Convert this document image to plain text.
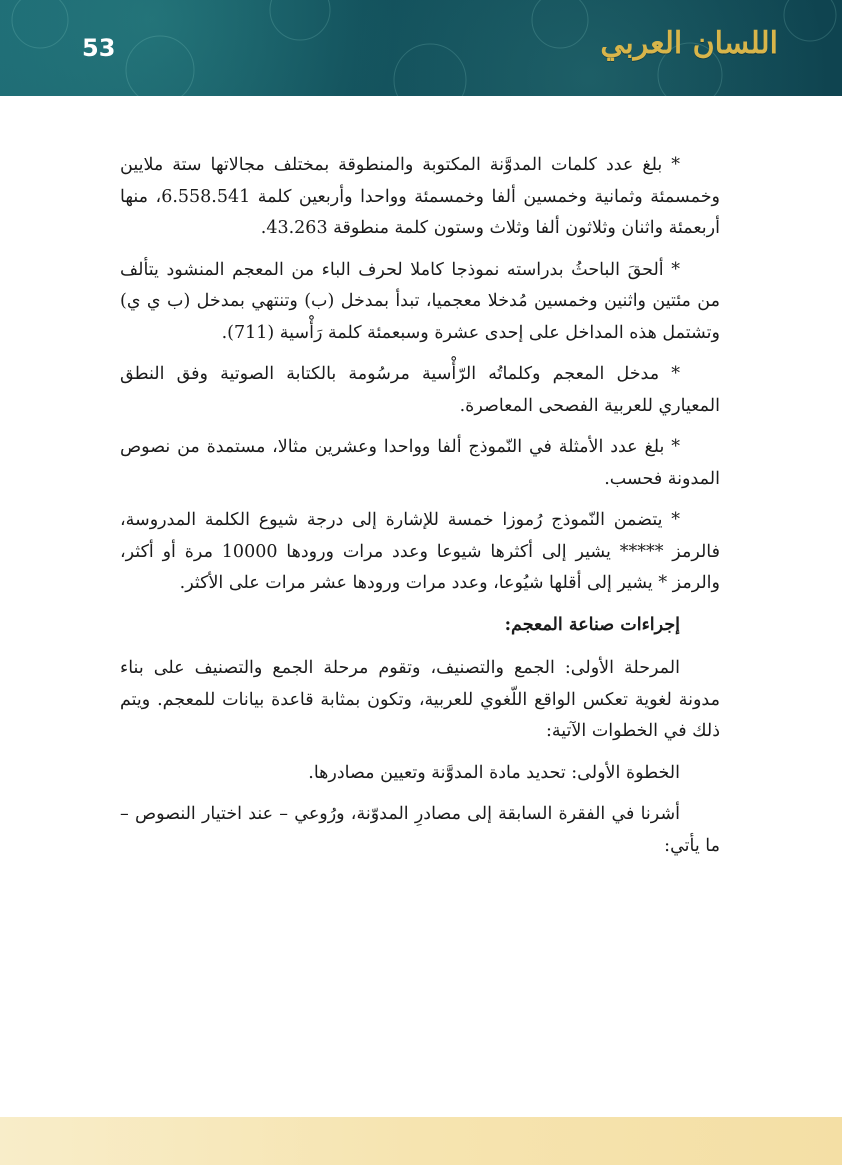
53	اللسان العربي

* بلغ عدد كلمات المدوَّنة المكتوبة والمنطوقة بمختلف مجالاتها ستة ملايين وخمسمئة وثمانية وخمسين ألفا وخمسمئة وواحدا وأربعين كلمة 6.558.541، منها أربعمئة واثنان وثلاثون ألفا وثلاث وستون كلمة منطوقة 43.263.

* ألحقَ الباحثُ بدراسته نموذجا كاملا لحرف الباء من المعجم المنشود يتألف من مئتين واثنين وخمسين مُدخلا معجميا، تبدأ بمدخل (ب) وتنتهي بمدخل (ب ي ي) وتشتمل هذه المداخل على إحدى عشرة وسبعمئة كلمة رَأْسية (711).

* مدخل المعجم وكلماتُه الرّأْسية مرسُومة بالكتابة الصوتية وفق النطق المعياري للعربية الفصحى المعاصرة.

* بلغ عدد الأمثلة في النّموذج ألفا وواحدا وعشرين مثالا، مستمدة من نصوص المدونة فحسب.

* يتضمن النّموذج رُموزا خمسة للإشارة إلى درجة شيوع الكلمة المدروسة، فالرمز ***** يشير إلى أكثرها شيوعا وعدد مرات ورودها 10000 مرة أو أكثر، والرمز * يشير إلى أقلها شيُوعا، وعدد مرات ورودها عشر مرات على الأكثر.

إجراءات صناعة المعجم:

المرحلة الأولى: الجمع والتصنيف، وتقوم مرحلة الجمع والتصنيف على بناء مدونة لغوية تعكس الواقع اللّغوي للعربية، وتكون بمثابة قاعدة بيانات للمعجم. ويتم ذلك في الخطوات الآتية:

الخطوة الأولى: تحديد مادة المدوَّنة وتعيين مصادرها.

أشرنا في الفقرة السابقة إلى مصادرِ المدوّنة، ورُوعي – عند اختيار النصوص – ما يأتي:
